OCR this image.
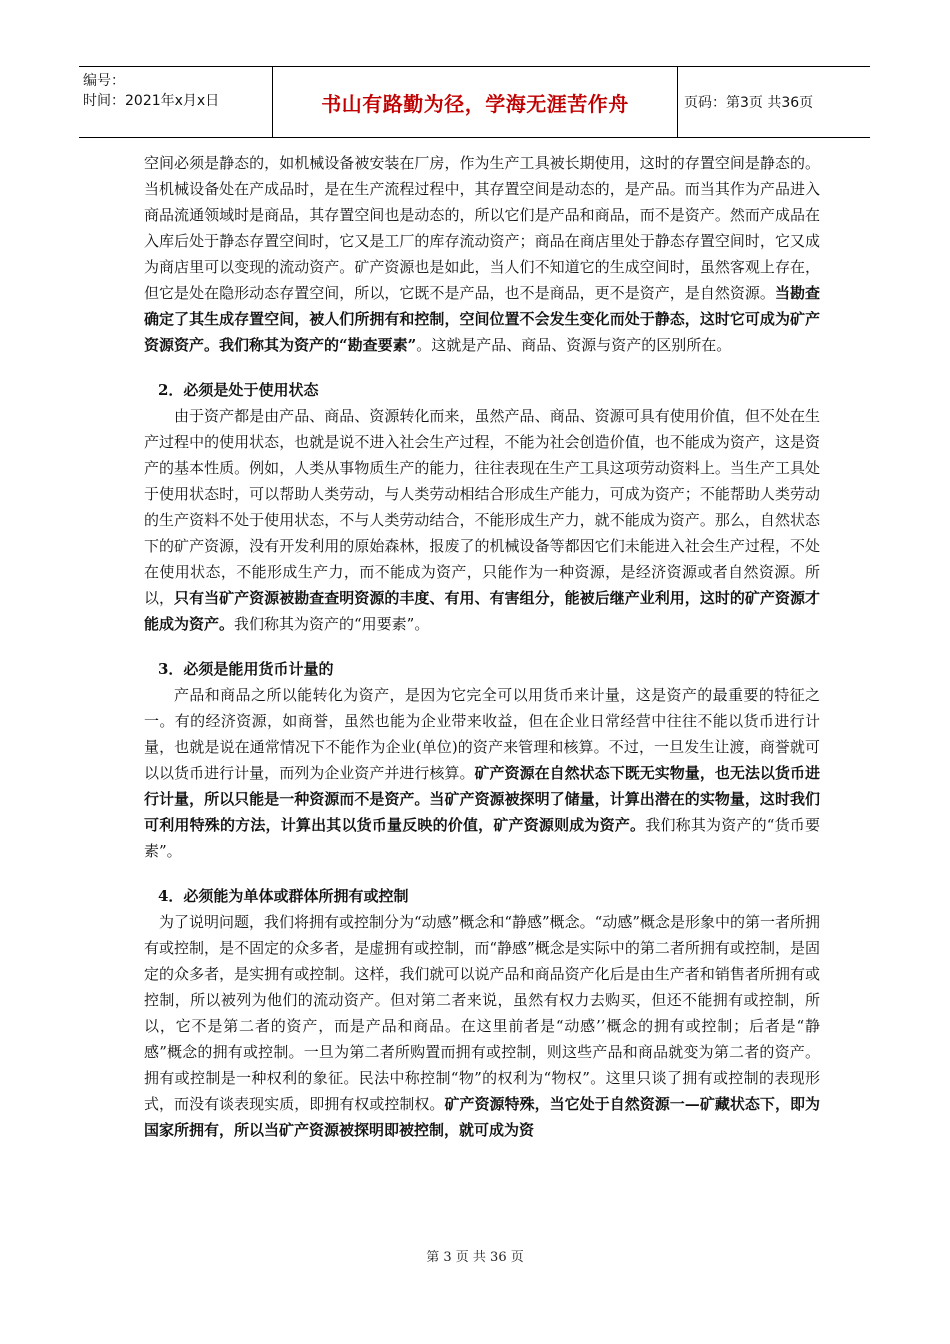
编号：
时间：2021年x月x日	书山有路勤为径，学海无涯苦作舟	页码：第3页 共36页

空间必须是静态的，如机械设备被安装在厂房，作为生产工具被长期使用，这时的存置空间是静态的。当机械设备处在产成品时，是在生产流程过程中，其存置空间是动态的，是产品。而当其作为产品进入商品流通领域时是商品，其存置空间也是动态的，所以它们是产品和商品，而不是资产。然而产成品在入库后处于静态存置空间时，它又是工厂的库存流动资产；商品在商店里处于静态存置空间时，它又成为商店里可以变现的流动资产。矿产资源也是如此，当人们不知道它的生成空间时，虽然客观上存在，但它是处在隐形动态存置空间，所以，它既不是产品，也不是商品，更不是资产，是自然资源。当勘查确定了其生成存置空间，被人们所拥有和控制，空间位置不会发生变化而处于静态，这时它可成为矿产资源资产。我们称其为资产的“勘查要素”。这就是产品、商品、资源与资产的区别所在。

2．必须是处于使用状态

由于资产都是由产品、商品、资源转化而来，虽然产品、商品、资源可具有使用价值，但不处在生产过程中的使用状态，也就是说不进入社会生产过程，不能为社会创造价值，也不能成为资产，这是资产的基本性质。例如，人类从事物质生产的能力，往往表现在生产工具这项劳动资料上。当生产工具处于使用状态时，可以帮助人类劳动，与人类劳动相结合形成生产能力，可成为资产；不能帮助人类劳动的生产资料不处于使用状态，不与人类劳动结合，不能形成生产力，就不能成为资产。那么，自然状态下的矿产资源，没有开发利用的原始森林，报废了的机械设备等都因它们未能进入社会生产过程，不处在使用状态，不能形成生产力，而不能成为资产，只能作为一种资源，是经济资源或者自然资源。所以，只有当矿产资源被勘查查明资源的丰度、有用、有害组分，能被后继产业利用，这时的矿产资源才能成为资产。我们称其为资产的“用要素”。

3．必须是能用货币计量的

产品和商品之所以能转化为资产，是因为它完全可以用货币来计量，这是资产的最重要的特征之一。有的经济资源，如商誉，虽然也能为企业带来收益，但在企业日常经营中往往不能以货币进行计量，也就是说在通常情况下不能作为企业(单位)的资产来管理和核算。不过，一旦发生让渡，商誉就可以以货币进行计量，而列为企业资产并进行核算。矿产资源在自然状态下既无实物量，也无法以货币进行计量，所以只能是一种资源而不是资产。当矿产资源被探明了储量，计算出潜在的实物量，这时我们可利用特殊的方法，计算出其以货币量反映的价值，矿产资源则成为资产。我们称其为资产的“货币要素”。

4．必须能为单体或群体所拥有或控制

为了说明问题，我们将拥有或控制分为“动感”概念和“静感”概念。“动感”概念是形象中的第一者所拥有或控制，是不固定的众多者，是虚拥有或控制，而“静感”概念是实际中的第二者所拥有或控制，是固定的众多者，是实拥有或控制。这样，我们就可以说产品和商品资产化后是由生产者和销售者所拥有或控制，所以被列为他们的流动资产。但对第二者来说，虽然有权力去购买，但还不能拥有或控制，所以，它不是第二者的资产，而是产品和商品。在这里前者是“动感’’概念的拥有或控制；后者是“静感”概念的拥有或控制。一旦为第二者所购置而拥有或控制，则这些产品和商品就变为第二者的资产。拥有或控制是一种权利的象征。民法中称控制“物”的权利为“物权”。这里只谈了拥有或控制的表现形式，而没有谈表现实质，即拥有权或控制权。矿产资源特殊，当它处于自然资源一—矿藏状态下，即为国家所拥有，所以当矿产资源被探明即被控制，就可成为资

第 3 页 共 36 页
